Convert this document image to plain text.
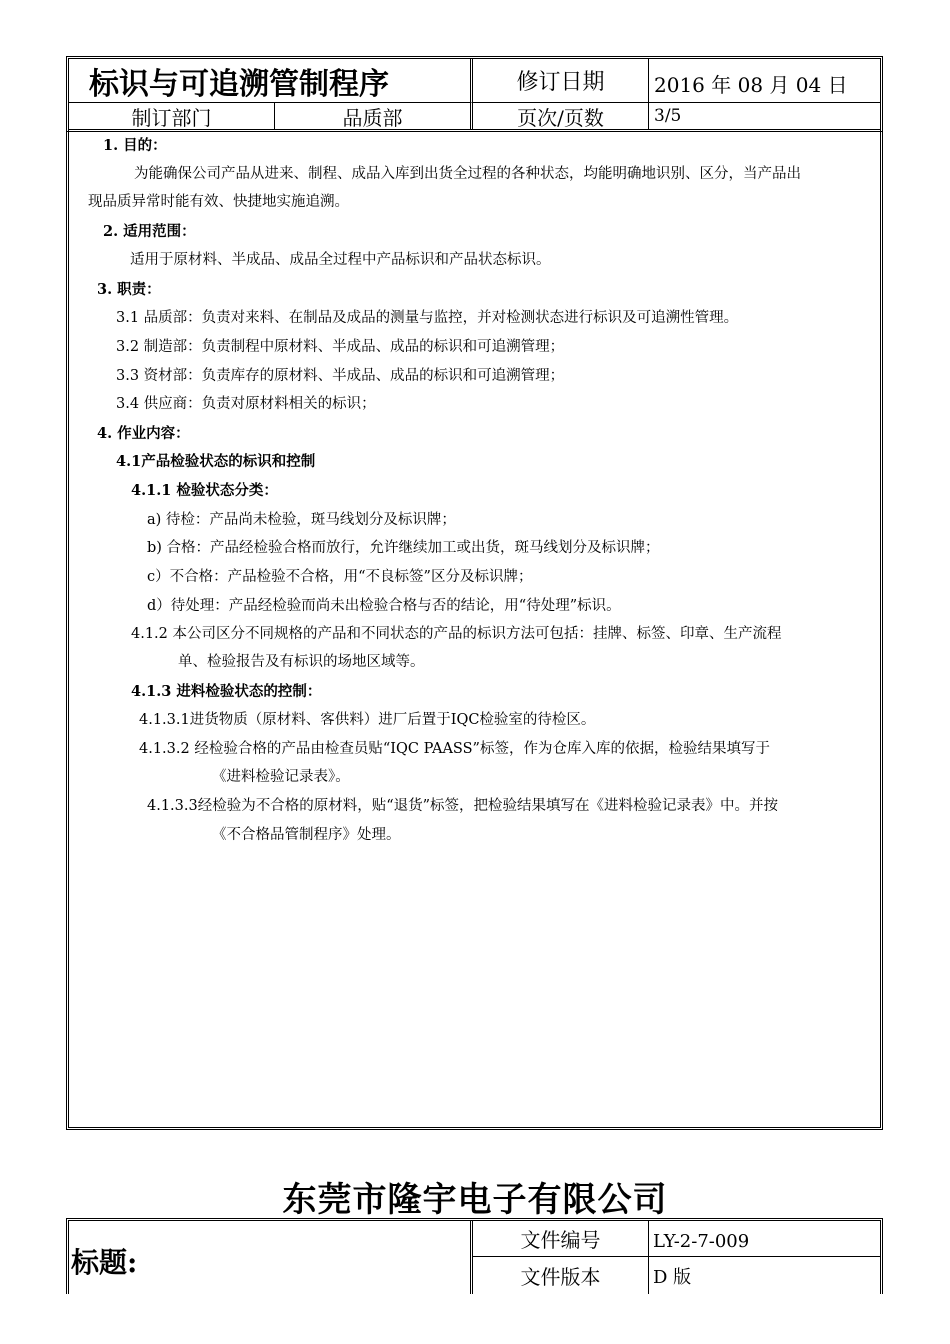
标识与可追溯管制程序	修订日期	2016 年 08 月 04 日
制订部门	品质部	页次/页数	3/5
1. 目的：
为能确保公司产品从进来、制程、成品入库到出货全过程的各种状态，均能明确地识别、区分，当产品出
现品质异常时能有效、快捷地实施追溯。
2. 适用范围：
适用于原材料、半成品、成品全过程中产品标识和产品状态标识。
3. 职责：
3.1 品质部：负责对来料、在制品及成品的测量与监控，并对检测状态进行标识及可追溯性管理。
3.2 制造部：负责制程中原材料、半成品、成品的标识和可追溯管理；
3.3 资材部：负责库存的原材料、半成品、成品的标识和可追溯管理；
3.4 供应商：负责对原材料相关的标识；
4. 作业内容：
4.1产品检验状态的标识和控制
4.1.1 检验状态分类：
a) 待检：产品尚未检验，斑马线划分及标识牌；
b) 合格：产品经检验合格而放行，允许继续加工或出货，斑马线划分及标识牌；
c）不合格：产品检验不合格，用“不良标签”区分及标识牌；
d）待处理：产品经检验而尚未出检验合格与否的结论，用“待处理”标识。
4.1.2 本公司区分不同规格的产品和不同状态的产品的标识方法可包括：挂牌、标签、印章、生产流程
单、检验报告及有标识的场地区域等。
4.1.3 进料检验状态的控制：
4.1.3.1进货物质（原材料、客供料）进厂后置于IQC检验室的待检区。
4.1.3.2 经检验合格的产品由检查员贴“IQC PAASS”标签，作为仓库入库的依据，检验结果填写于
《进料检验记录表》。
4.1.3.3经检验为不合格的原材料，贴“退货”标签，把检验结果填写在《进料检验记录表》中。并按
《不合格品管制程序》处理。
东莞市隆宇电子有限公司
标题:
文件编号	LY-2-7-009
文件版本	D 版
